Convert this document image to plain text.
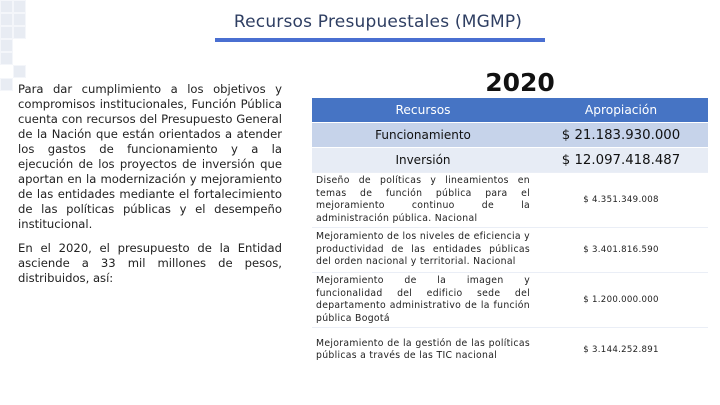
Recursos Presupuestales (MGMP)

Para dar cumplimiento a los objetivos y compromisos institucionales, Función Pública cuenta con recursos del Presupuesto General de la Nación que están orientados a atender los gastos de funcionamiento y a la ejecución de los proyectos de inversión que aportan en la modernización y mejoramiento de las entidades mediante el fortalecimiento de las políticas públicas y el desempeño institucional.

En el 2020, el presupuesto de la Entidad asciende a 33 mil millones de pesos, distribuidos, así:

2020
Recursos	Apropiación
Funcionamiento	$ 21.183.930.000
Inversión	$ 12.097.418.487
Diseño de políticas y lineamientos en temas de función pública para el mejoramiento continuo de la administración pública. Nacional	$ 4.351.349.008
Mejoramiento de los niveles de eficiencia y productividad de las entidades públicas del orden nacional y territorial. Nacional	$ 3.401.816.590
Mejoramiento de la imagen y funcionalidad del edificio sede del departamento administrativo de la función pública Bogotá	$ 1.200.000.000
Mejoramiento de la gestión de las políticas públicas a través de las TIC nacional	$ 3.144.252.891
